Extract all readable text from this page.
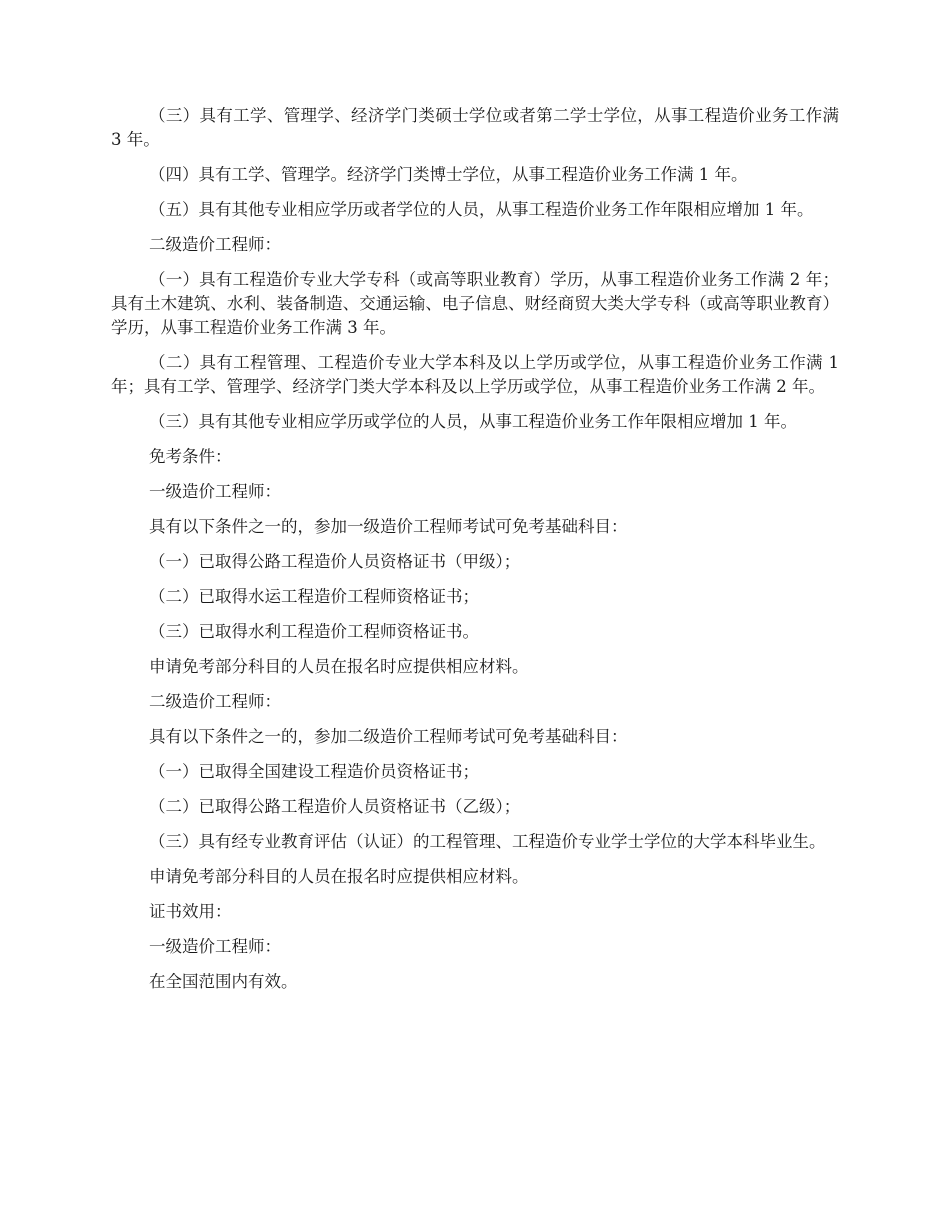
（三）具有工学、管理学、经济学门类硕士学位或者第二学士学位，从事工程造价业务工作满 3 年。

（四）具有工学、管理学。经济学门类博士学位，从事工程造价业务工作满 1 年。

（五）具有其他专业相应学历或者学位的人员，从事工程造价业务工作年限相应增加 1 年。

二级造价工程师：

（一）具有工程造价专业大学专科（或高等职业教育）学历，从事工程造价业务工作满 2 年；具有土木建筑、水利、装备制造、交通运输、电子信息、财经商贸大类大学专科（或高等职业教育）学历，从事工程造价业务工作满 3 年。

（二）具有工程管理、工程造价专业大学本科及以上学历或学位，从事工程造价业务工作满 1 年；具有工学、管理学、经济学门类大学本科及以上学历或学位，从事工程造价业务工作满 2 年。

（三）具有其他专业相应学历或学位的人员，从事工程造价业务工作年限相应增加 1 年。

免考条件：

一级造价工程师：

具有以下条件之一的，参加一级造价工程师考试可免考基础科目：

（一）已取得公路工程造价人员资格证书（甲级）；

（二）已取得水运工程造价工程师资格证书；

（三）已取得水利工程造价工程师资格证书。

申请免考部分科目的人员在报名时应提供相应材料。

二级造价工程师：

具有以下条件之一的，参加二级造价工程师考试可免考基础科目：

（一）已取得全国建设工程造价员资格证书；

（二）已取得公路工程造价人员资格证书（乙级）；

（三）具有经专业教育评估（认证）的工程管理、工程造价专业学士学位的大学本科毕业生。

申请免考部分科目的人员在报名时应提供相应材料。

证书效用：

一级造价工程师：

在全国范围内有效。
